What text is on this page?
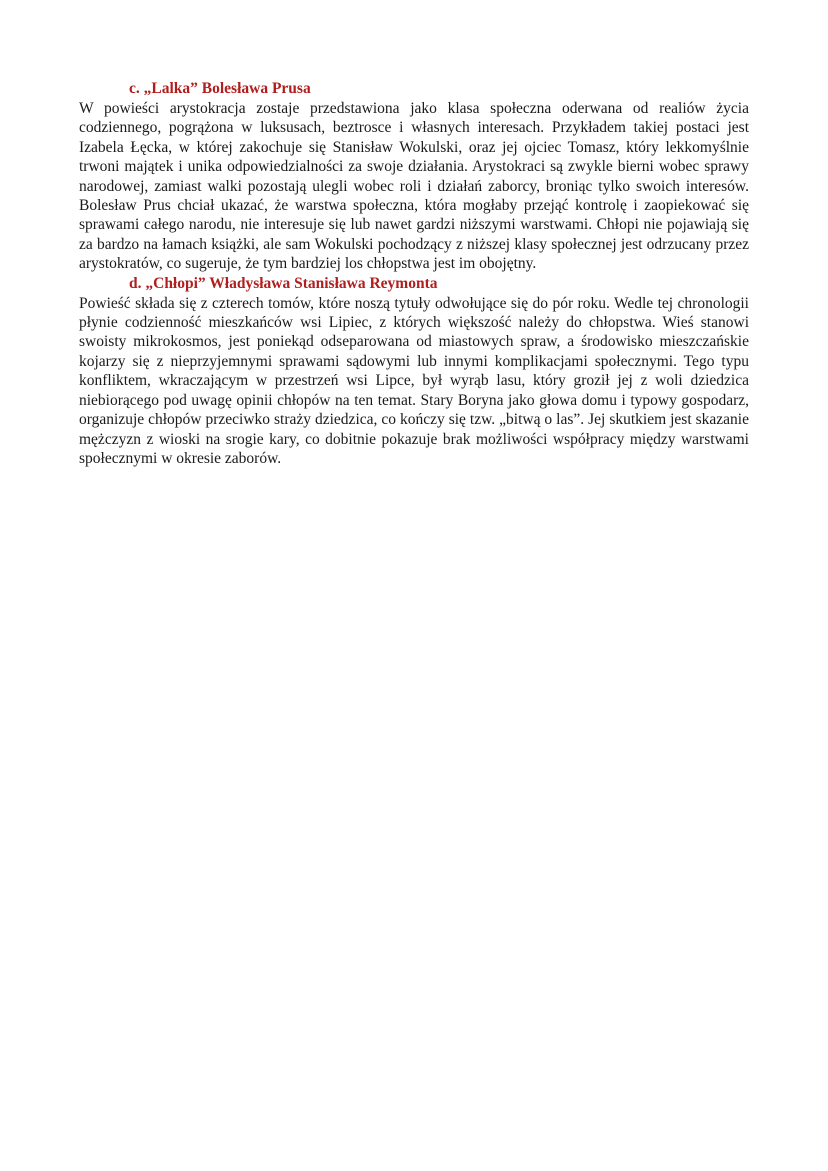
c. „Lalka” Bolesława Prusa

W powieści arystokracja zostaje przedstawiona jako klasa społeczna oderwana od realiów życia codziennego, pogrążona w luksusach, beztrosce i własnych interesach. Przykładem takiej postaci jest Izabela Łęcka, w której zakochuje się Stanisław Wokulski, oraz jej ojciec Tomasz, który lekkomyślnie trwoni majątek i unika odpowiedzialności za swoje działania. Arystokraci są zwykle bierni wobec sprawy narodowej, zamiast walki pozostają ulegli wobec roli i działań zaborcy, broniąc tylko swoich interesów. Bolesław Prus chciał ukazać, że warstwa społeczna, która mogłaby przejąć kontrolę i zaopiekować się sprawami całego narodu, nie interesuje się lub nawet gardzi niższymi warstwami. Chłopi nie pojawiają się za bardzo na łamach książki, ale sam Wokulski pochodzący z niższej klasy społecznej jest odrzucany przez arystokratów, co sugeruje, że tym bardziej los chłopstwa jest im obojętny.

d. „Chłopi” Władysława Stanisława Reymonta

Powieść składa się z czterech tomów, które noszą tytuły odwołujące się do pór roku. Wedle tej chronologii płynie codzienność mieszkańców wsi Lipiec, z których większość należy do chłopstwa. Wieś stanowi swoisty mikrokosmos, jest poniekąd odseparowana od miastowych spraw, a środowisko mieszczańskie kojarzy się z nieprzyjemnymi sprawami sądowymi lub innymi komplikacjami społecznymi. Tego typu konfliktem, wkraczającym w przestrzeń wsi Lipce, był wyrąb lasu, który groził jej z woli dziedzica niebiorącego pod uwagę opinii chłopów na ten temat. Stary Boryna jako głowa domu i typowy gospodarz, organizuje chłopów przeciwko straży dziedzica, co kończy się tzw. „bitwą o las”. Jej skutkiem jest skazanie mężczyzn z wioski na srogie kary, co dobitnie pokazuje brak możliwości współpracy między warstwami społecznymi w okresie zaborów.
